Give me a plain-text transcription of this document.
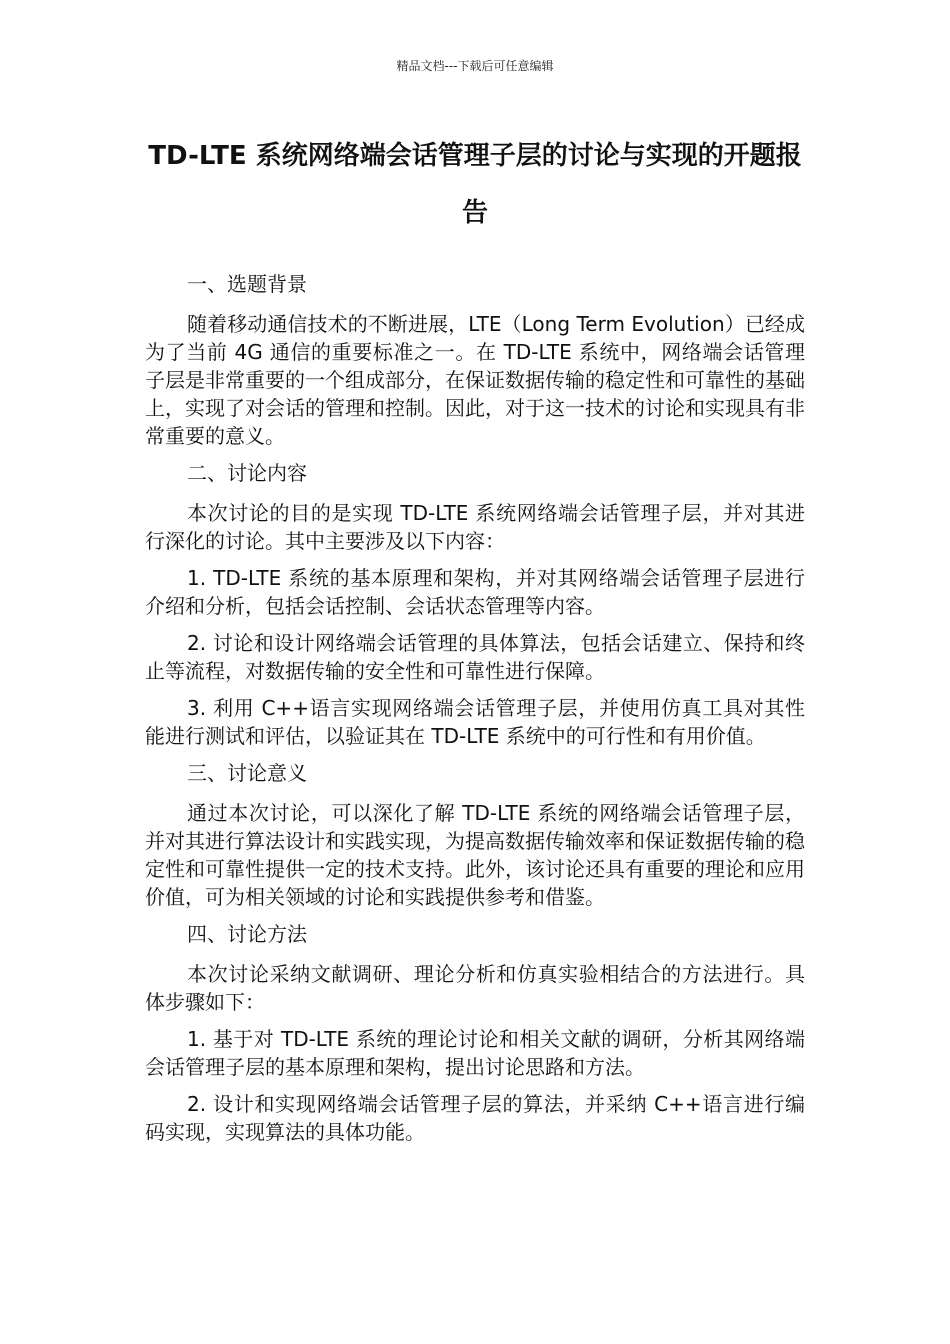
精品文档---下载后可任意编辑
TD-LTE 系统网络端会话管理子层的讨论与实现的开题报告

一、选题背景

随着移动通信技术的不断进展，LTE（Long Term Evolution）已经成为了当前 4G 通信的重要标准之一。在 TD-LTE 系统中，网络端会话管理子层是非常重要的一个组成部分，在保证数据传输的稳定性和可靠性的基础上，实现了对会话的管理和控制。因此，对于这一技术的讨论和实现具有非常重要的意义。

二、讨论内容

本次讨论的目的是实现 TD-LTE 系统网络端会话管理子层，并对其进行深化的讨论。其中主要涉及以下内容：

1. TD-LTE 系统的基本原理和架构，并对其网络端会话管理子层进行介绍和分析，包括会话控制、会话状态管理等内容。

2. 讨论和设计网络端会话管理的具体算法，包括会话建立、保持和终止等流程，对数据传输的安全性和可靠性进行保障。

3. 利用 C++语言实现网络端会话管理子层，并使用仿真工具对其性能进行测试和评估，以验证其在 TD-LTE 系统中的可行性和有用价值。

三、讨论意义

通过本次讨论，可以深化了解 TD-LTE 系统的网络端会话管理子层，并对其进行算法设计和实践实现，为提高数据传输效率和保证数据传输的稳定性和可靠性提供一定的技术支持。此外，该讨论还具有重要的理论和应用价值，可为相关领域的讨论和实践提供参考和借鉴。

四、讨论方法

本次讨论采纳文献调研、理论分析和仿真实验相结合的方法进行。具体步骤如下：

1. 基于对 TD-LTE 系统的理论讨论和相关文献的调研，分析其网络端会话管理子层的基本原理和架构，提出讨论思路和方法。

2. 设计和实现网络端会话管理子层的算法，并采纳 C++语言进行编码实现，实现算法的具体功能。
